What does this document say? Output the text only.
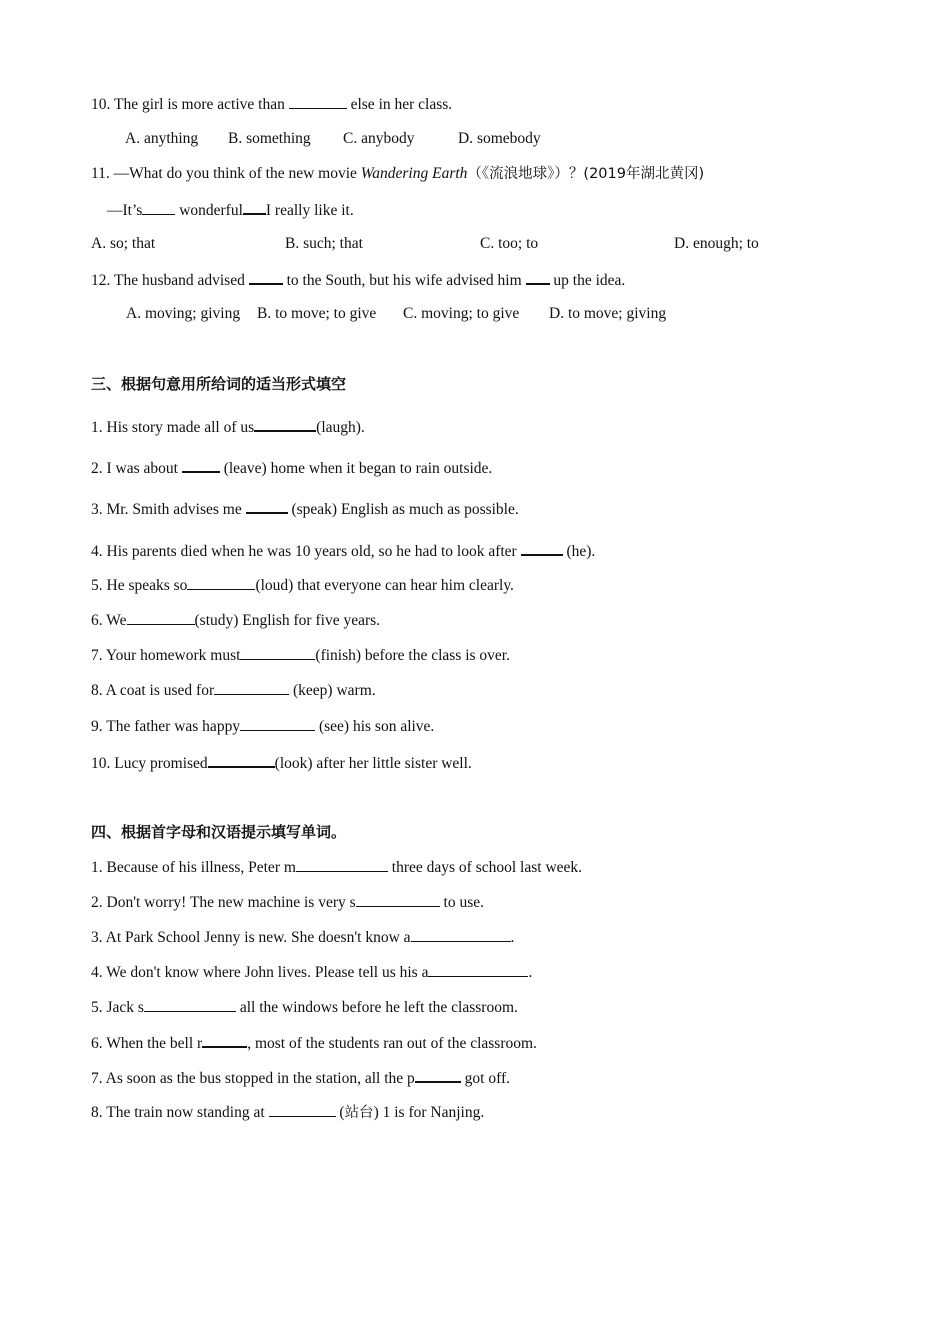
10. The girl is more active than	else in her class.
A. anything B. something C. anybody	D. somebody
11. —What do you think of the new movie Wandering Earth（《流浪地球》）？(2019年湖北黄冈)
—It’s wonderful I really like it.
A. so; that	B. such; that	C. too; to	D. enough; to
12. The husband advised  to the South, but his wife advised him  up the idea.
A. moving; giving B. to move; to give C. moving; to give D. to move; giving
三、根据句意用所给词的适当形式填空
1. His story made all of us	(laugh).
2. I was about  (leave) home when it began to rain outside.
3. Mr. Smith advises me	(speak) English as much as possible.
4. His parents died when he was 10 years old, so he had to look after	(he).
5. He speaks so	(loud) that everyone can hear him clearly.
6. We	(study) English for five years.
7. Your homework must	(finish) before the class is over.
8. A coat is used for	(keep) warm.
9. The father was happy	(see) his son alive.
10. Lucy promised	(look) after her little sister well.
四、根据首字母和汉语提示填写单词。
1. Because of his illness, Peter m	three days of school last week.
2. Don't worry! The new machine is very s	to use.
3. At Park School Jenny is new. She doesn't know a	.
4. We don't know where John lives. Please tell us his a	.
5. Jack s	all the windows before he left the classroom.
6. When the bell r	, most of the students ran out of the classroom.
7. As soon as the bus stopped in the station, all the p	got off.
8. The train now standing at	(站台) 1 is for Nanjing.
